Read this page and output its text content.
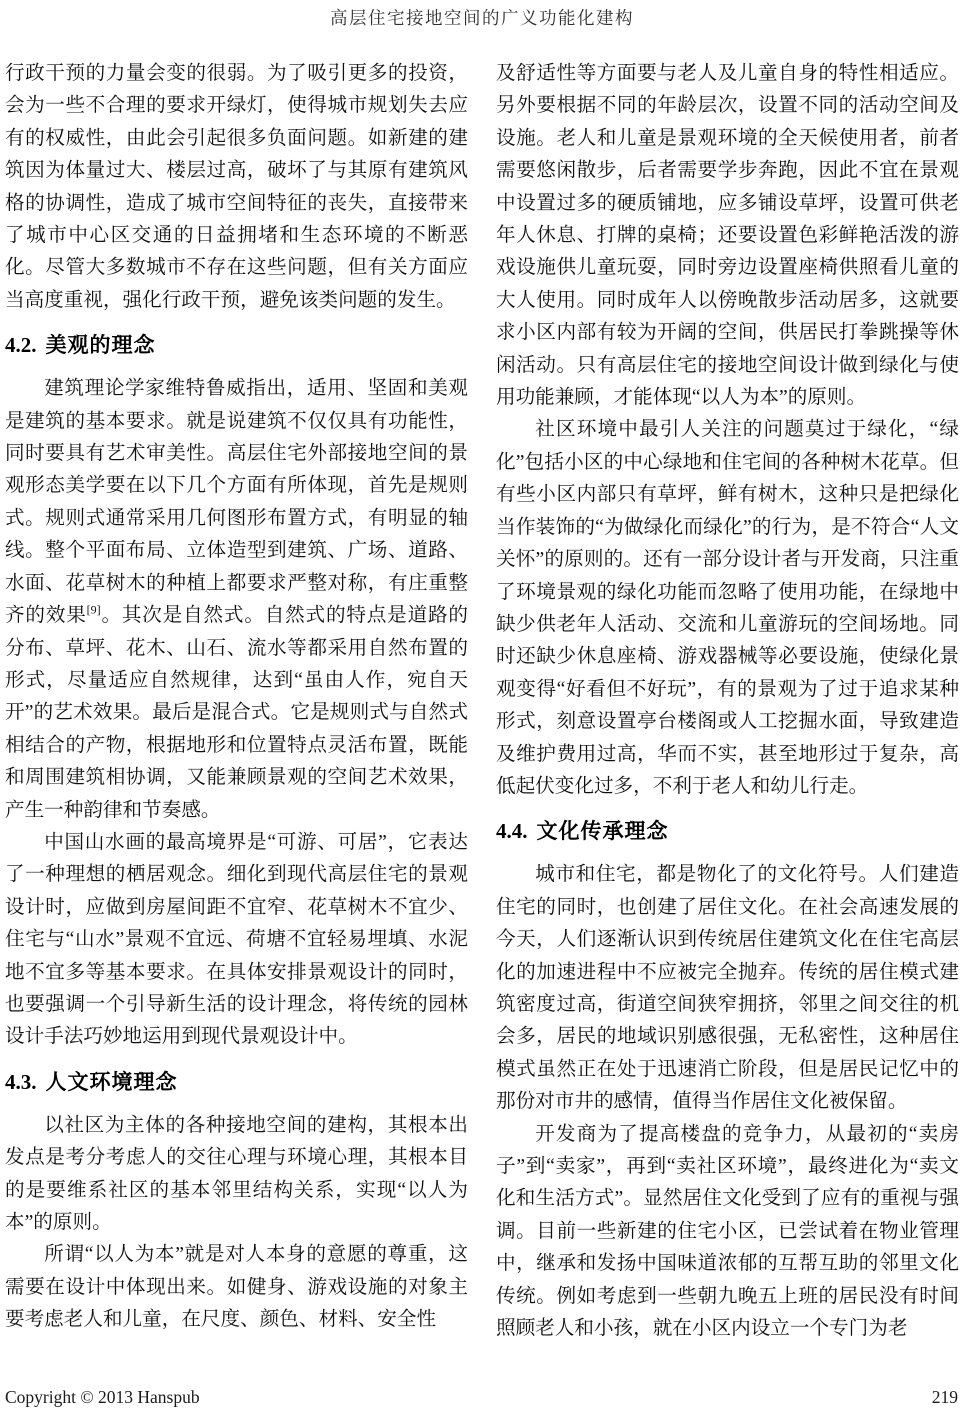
高层住宅接地空间的广义功能化建构

行政干预的力量会变的很弱。为了吸引更多的投资，会为一些不合理的要求开绿灯，使得城市规划失去应有的权威性，由此会引起很多负面问题。如新建的建筑因为体量过大、楼层过高，破坏了与其原有建筑风格的协调性，造成了城市空间特征的丧失，直接带来了城市中心区交通的日益拥堵和生态环境的不断恶化。尽管大多数城市不存在这些问题，但有关方面应当高度重视，强化行政干预，避免该类问题的发生。

4.2. 美观的理念

建筑理论学家维特鲁威指出，适用、坚固和美观是建筑的基本要求。就是说建筑不仅仅具有功能性，同时要具有艺术审美性。高层住宅外部接地空间的景观形态美学要在以下几个方面有所体现，首先是规则式。规则式通常采用几何图形布置方式，有明显的轴线。整个平面布局、立体造型到建筑、广场、道路、水面、花草树木的种植上都要求严整对称，有庄重整齐的效果[9]。其次是自然式。自然式的特点是道路的分布、草坪、花木、山石、流水等都采用自然布置的形式，尽量适应自然规律，达到“虽由人作，宛自天开”的艺术效果。最后是混合式。它是规则式与自然式相结合的产物，根据地形和位置特点灵活布置，既能和周围建筑相协调，又能兼顾景观的空间艺术效果，产生一种韵律和节奏感。

中国山水画的最高境界是“可游、可居”，它表达了一种理想的栖居观念。细化到现代高层住宅的景观设计时，应做到房屋间距不宜窄、花草树木不宜少、住宅与“山水”景观不宜远、荷塘不宜轻易埋填、水泥地不宜多等基本要求。在具体安排景观设计的同时，也要强调一个引导新生活的设计理念，将传统的园林设计手法巧妙地运用到现代景观设计中。

4.3. 人文环境理念

以社区为主体的各种接地空间的建构，其根本出发点是考分考虑人的交往心理与环境心理，其根本目的是要维系社区的基本邻里结构关系，实现“以人为本”的原则。

所谓“以人为本”就是对人本身的意愿的尊重，这需要在设计中体现出来。如健身、游戏设施的对象主要考虑老人和儿童，在尺度、颜色、材料、安全性

及舒适性等方面要与老人及儿童自身的特性相适应。另外要根据不同的年龄层次，设置不同的活动空间及设施。老人和儿童是景观环境的全天候使用者，前者需要悠闲散步，后者需要学步奔跑，因此不宜在景观中设置过多的硬质铺地，应多铺设草坪，设置可供老年人休息、打牌的桌椅；还要设置色彩鲜艳活泼的游戏设施供儿童玩耍，同时旁边设置座椅供照看儿童的大人使用。同时成年人以傍晚散步活动居多，这就要求小区内部有较为开阔的空间，供居民打拳跳操等休闲活动。只有高层住宅的接地空间设计做到绿化与使用功能兼顾，才能体现“以人为本”的原则。

社区环境中最引人关注的问题莫过于绿化，“绿化”包括小区的中心绿地和住宅间的各种树木花草。但有些小区内部只有草坪，鲜有树木，这种只是把绿化当作装饰的“为做绿化而绿化”的行为，是不符合“人文关怀”的原则的。还有一部分设计者与开发商，只注重了环境景观的绿化功能而忽略了使用功能，在绿地中缺少供老年人活动、交流和儿童游玩的空间场地。同时还缺少休息座椅、游戏器械等必要设施，使绿化景观变得“好看但不好玩”，有的景观为了过于追求某种形式，刻意设置亭台楼阁或人工挖掘水面，导致建造及维护费用过高，华而不实，甚至地形过于复杂，高低起伏变化过多，不利于老人和幼儿行走。

4.4. 文化传承理念

城市和住宅，都是物化了的文化符号。人们建造住宅的同时，也创建了居住文化。在社会高速发展的今天，人们逐渐认识到传统居住建筑文化在住宅高层化的加速进程中不应被完全抛弃。传统的居住模式建筑密度过高，街道空间狭窄拥挤，邻里之间交往的机会多，居民的地域识别感很强，无私密性，这种居住模式虽然正在处于迅速消亡阶段，但是居民记忆中的那份对市井的感情，值得当作居住文化被保留。

开发商为了提高楼盘的竞争力，从最初的“卖房子”到“卖家”，再到“卖社区环境”，最终进化为“卖文化和生活方式”。显然居住文化受到了应有的重视与强调。目前一些新建的住宅小区，已尝试着在物业管理中，继承和发扬中国味道浓郁的互帮互助的邻里文化传统。例如考虑到一些朝九晚五上班的居民没有时间照顾老人和小孩，就在小区内设立一个专门为老

Copyright © 2013 Hanspub	219
